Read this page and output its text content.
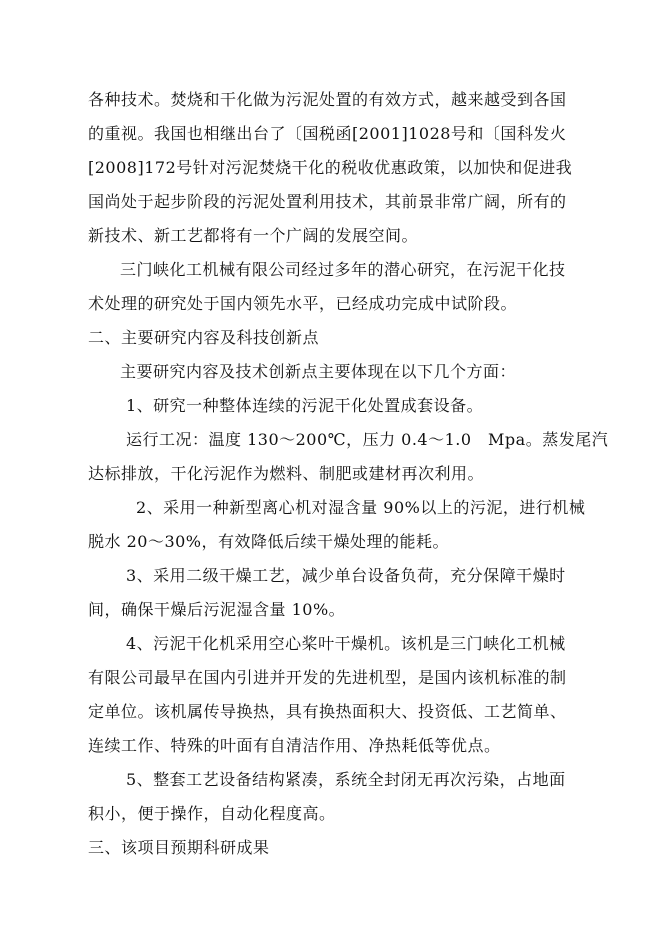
各种技术。焚烧和干化做为污泥处置的有效方式，越来越受到各国
的重视。我国也相继出台了〔国税函[2001]1028号和〔国科发火
[2008]172号针对污泥焚烧干化的税收优惠政策，以加快和促进我
国尚处于起步阶段的污泥处置利用技术，其前景非常广阔，所有的
新技术、新工艺都将有一个广阔的发展空间。
三门峡化工机械有限公司经过多年的潜心研究，在污泥干化技
术处理的研究处于国内领先水平，已经成功完成中试阶段。
二、主要研究内容及科技创新点
主要研究内容及技术创新点主要体现在以下几个方面：
1、研究一种整体连续的污泥干化处置成套设备。
运行工况：温度 130～200℃，压力 0.4～1.0　Mpa。蒸发尾汽
达标排放，干化污泥作为燃料、制肥或建材再次利用。
2、采用一种新型离心机对湿含量 90%以上的污泥，进行机械
脱水 20～30%，有效降低后续干燥处理的能耗。
3、采用二级干燥工艺，减少单台设备负荷，充分保障干燥时
间，确保干燥后污泥湿含量 10%。
4、污泥干化机采用空心桨叶干燥机。该机是三门峡化工机械
有限公司最早在国内引进并开发的先进机型，是国内该机标准的制
定单位。该机属传导换热，具有换热面积大、投资低、工艺简单、
连续工作、特殊的叶面有自清洁作用、净热耗低等优点。
5、整套工艺设备结构紧凑，系统全封闭无再次污染，占地面
积小，便于操作，自动化程度高。
三、该项目预期科研成果
